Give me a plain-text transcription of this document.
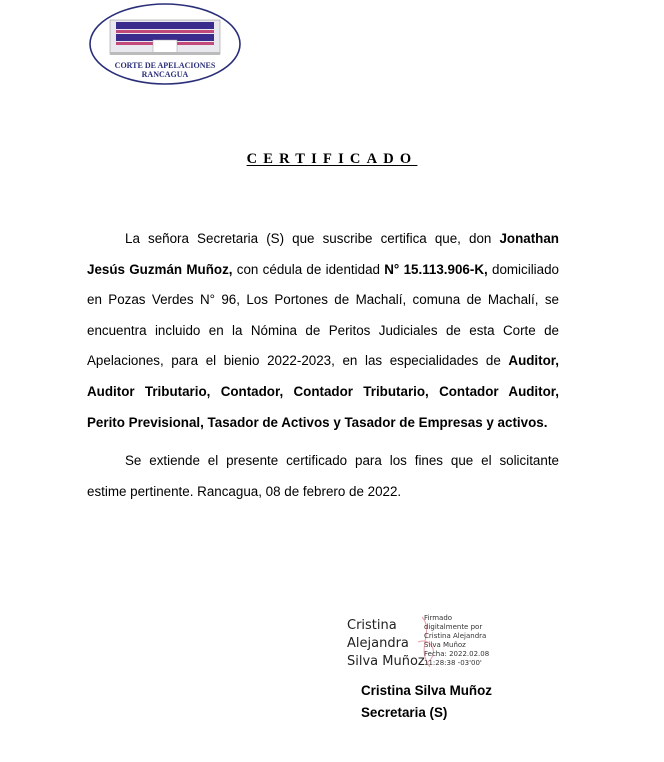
CORTE DE APELACIONES
RANCAGUA
CERTIFICADO

La señora Secretaria (S) que suscribe certifica que, don Jonathan Jesús Guzmán Muñoz, con cédula de identidad N° 15.113.906-K, domiciliado en Pozas Verdes N° 96, Los Portones de Machalí, comuna de Machalí, se encuentra incluido en la Nómina de Peritos Judiciales de esta Corte de Apelaciones, para el bienio 2022-2023, en las especialidades de Auditor, Auditor Tributario, Contador, Contador Tributario, Contador Auditor, Perito Previsional, Tasador de Activos y Tasador de Empresas y activos.

Se extiende el presente certificado para los fines que el solicitante estime pertinente. Rancagua, 08 de febrero de 2022.

Cristina
Alejandra
Silva Muñoz
Firmado
digitalmente por
Cristina Alejandra
Silva Muñoz
Fecha: 2022.02.08
11:28:38 -03'00'
Cristina Silva Muñoz
Secretaria (S)
